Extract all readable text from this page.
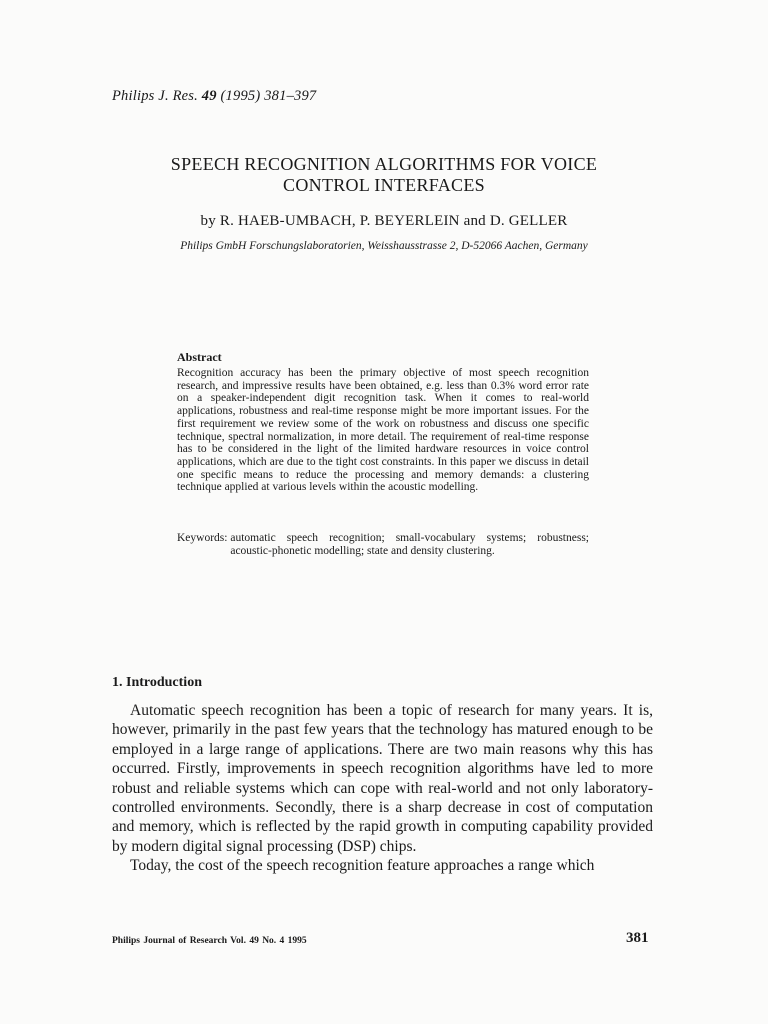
Philips J. Res. 49 (1995) 381–397
SPEECH RECOGNITION ALGORITHMS FOR VOICE
CONTROL INTERFACES
by R. HAEB-UMBACH, P. BEYERLEIN and D. GELLER
Philips GmbH Forschungslaboratorien, Weisshausstrasse 2, D-52066 Aachen, Germany
Abstract
Recognition accuracy has been the primary objective of most speech recognition research, and impressive results have been obtained, e.g. less than 0.3% word error rate on a speaker-independent digit recognition task. When it comes to real-world applications, robustness and real-time response might be more important issues. For the first requirement we review some of the work on robustness and discuss one specific technique, spectral normalization, in more detail. The requirement of real-time response has to be considered in the light of the limited hardware resources in voice control applications, which are due to the tight cost constraints. In this paper we discuss in detail one specific means to reduce the processing and memory demands: a clustering technique applied at various levels within the acoustic modelling.
Keywords: automatic speech recognition; small-vocabulary systems; robustness; acoustic-phonetic modelling; state and density clustering.
1. Introduction

Automatic speech recognition has been a topic of research for many years. It is, however, primarily in the past few years that the technology has matured enough to be employed in a large range of applications. There are two main reasons why this has occurred. Firstly, improvements in speech recognition algorithms have led to more robust and reliable systems which can cope with real-world and not only laboratory-controlled environments. Secondly, there is a sharp decrease in cost of computation and memory, which is reflected by the rapid growth in computing capability provided by modern digital signal processing (DSP) chips.

Today, the cost of the speech recognition feature approaches a range which

Philips Journal of Research Vol. 49 No. 4 1995	381
